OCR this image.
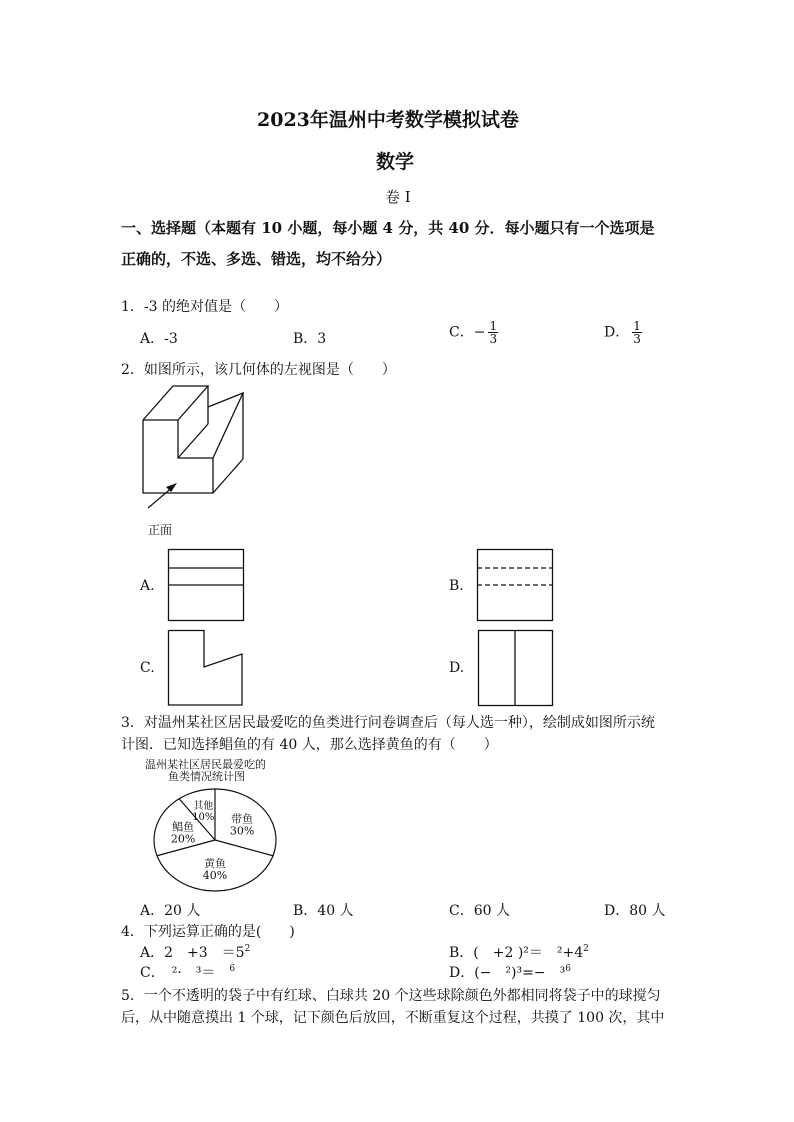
2023年温州中考数学模拟试卷
数学
卷 I
一、选择题（本题有 10 小题，每小题 4 分，共 40 分．每小题只有一个选项是
正确的，不选、多选、错选，均不给分）
1．-3 的绝对值是（　　）
A．-3	B．3	C．− $\frac{1}{3}$	D． $\frac{1}{3}$
2．如图所示，该几何体的左视图是（　　）
正面
A.	B.
C.	D.
3．对温州某社区居民最爱吃的鱼类进行问卷调查后（每人选一种），绘制成如图所示统
计图．已知选择鲳鱼的有 40 人，那么选择黄鱼的有（　　）
温州某社区居民最爱吃的
鱼类情况统计图
带鱼
30%
黄鱼
40%
鲳鱼
20%
其他
10%
A．20 人	B．40 人	C．60 人	D．80 人
4．下列运算正确的是(　　)
A．2　+3　$=5^2$	B．(　+2 )²＝　$^2+4^2$
C．　²·　³＝　$^6$	D．(−　²)³=−　³$^6$
5．一个不透明的袋子中有红球、白球共 20 个这些球除颜色外都相同将袋子中的球搅匀
后，从中随意摸出 1 个球，记下颜色后放回，不断重复这个过程，共摸了 100 次，其中
